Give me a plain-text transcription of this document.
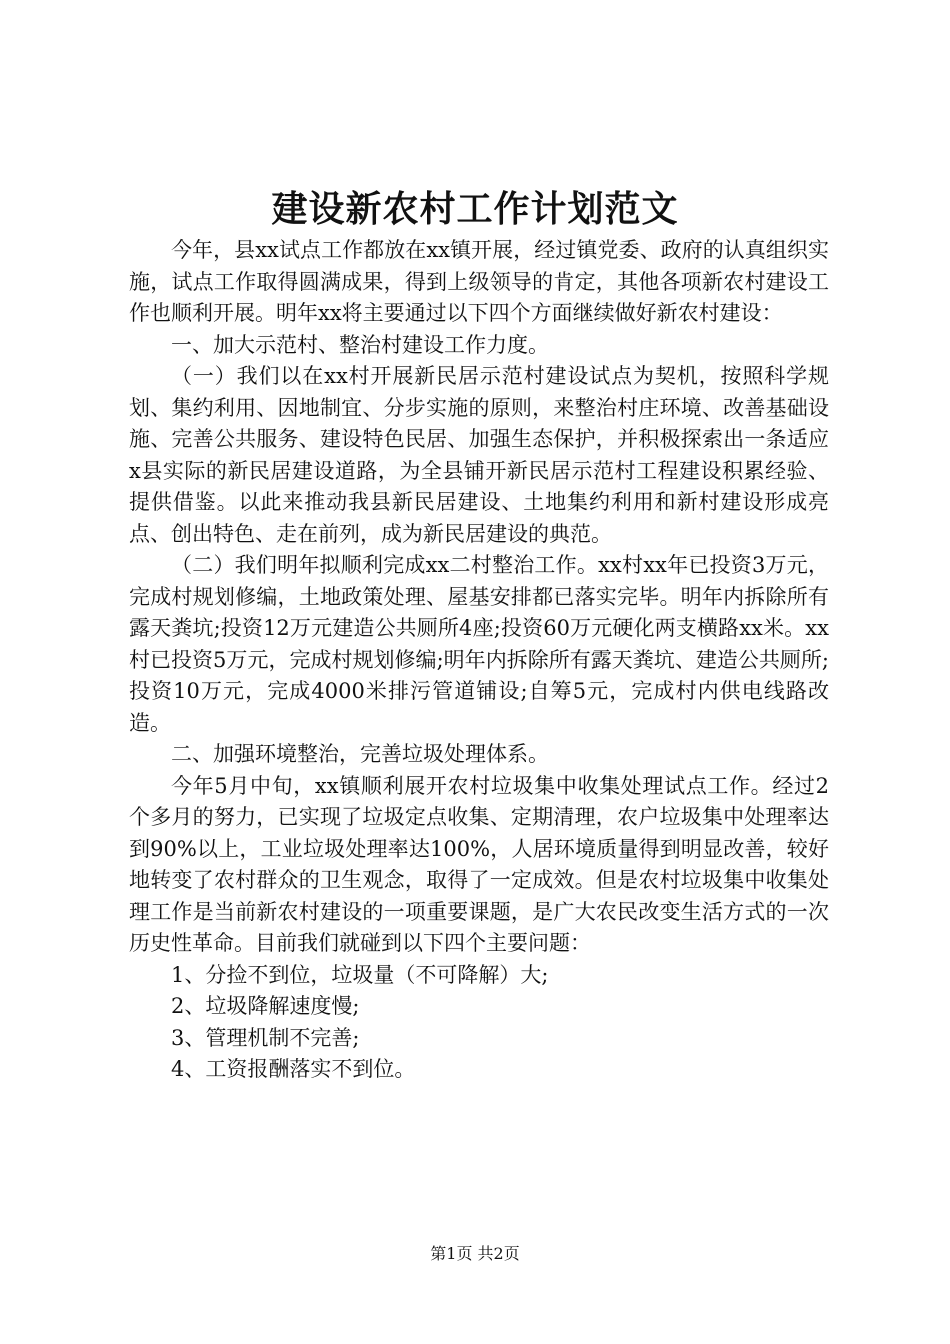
建设新农村工作计划范文

今年，县xx试点工作都放在xx镇开展，经过镇党委、政府的认真组织实施，试点工作取得圆满成果，得到上级领导的肯定，其他各项新农村建设工作也顺利开展。明年xx将主要通过以下四个方面继续做好新农村建设：

一、加大示范村、整治村建设工作力度。

（一）我们以在xx村开展新民居示范村建设试点为契机，按照科学规划、集约利用、因地制宜、分步实施的原则，来整治村庄环境、改善基础设施、完善公共服务、建设特色民居、加强生态保护，并积极探索出一条适应x县实际的新民居建设道路，为全县铺开新民居示范村工程建设积累经验、提供借鉴。以此来推动我县新民居建设、土地集约利用和新村建设形成亮点、创出特色、走在前列，成为新民居建设的典范。

（二）我们明年拟顺利完成xx二村整治工作。xx村xx年已投资3万元，完成村规划修编，土地政策处理、屋基安排都已落实完毕。明年内拆除所有露天粪坑;投资12万元建造公共厕所4座;投资60万元硬化两支横路xx米。xx村已投资5万元，完成村规划修编;明年内拆除所有露天粪坑、建造公共厕所;投资10万元，完成4000米排污管道铺设;自筹5元，完成村内供电线路改造。

二、加强环境整治，完善垃圾处理体系。

今年5月中旬，xx镇顺利展开农村垃圾集中收集处理试点工作。经过2个多月的努力，已实现了垃圾定点收集、定期清理，农户垃圾集中处理率达到90%以上，工业垃圾处理率达100%，人居环境质量得到明显改善，较好地转变了农村群众的卫生观念，取得了一定成效。但是农村垃圾集中收集处理工作是当前新农村建设的一项重要课题，是广大农民改变生活方式的一次历史性革命。目前我们就碰到以下四个主要问题：

1、分捡不到位，垃圾量（不可降解）大;

2、垃圾降解速度慢;

3、管理机制不完善;

4、工资报酬落实不到位。

第1页 共2页
